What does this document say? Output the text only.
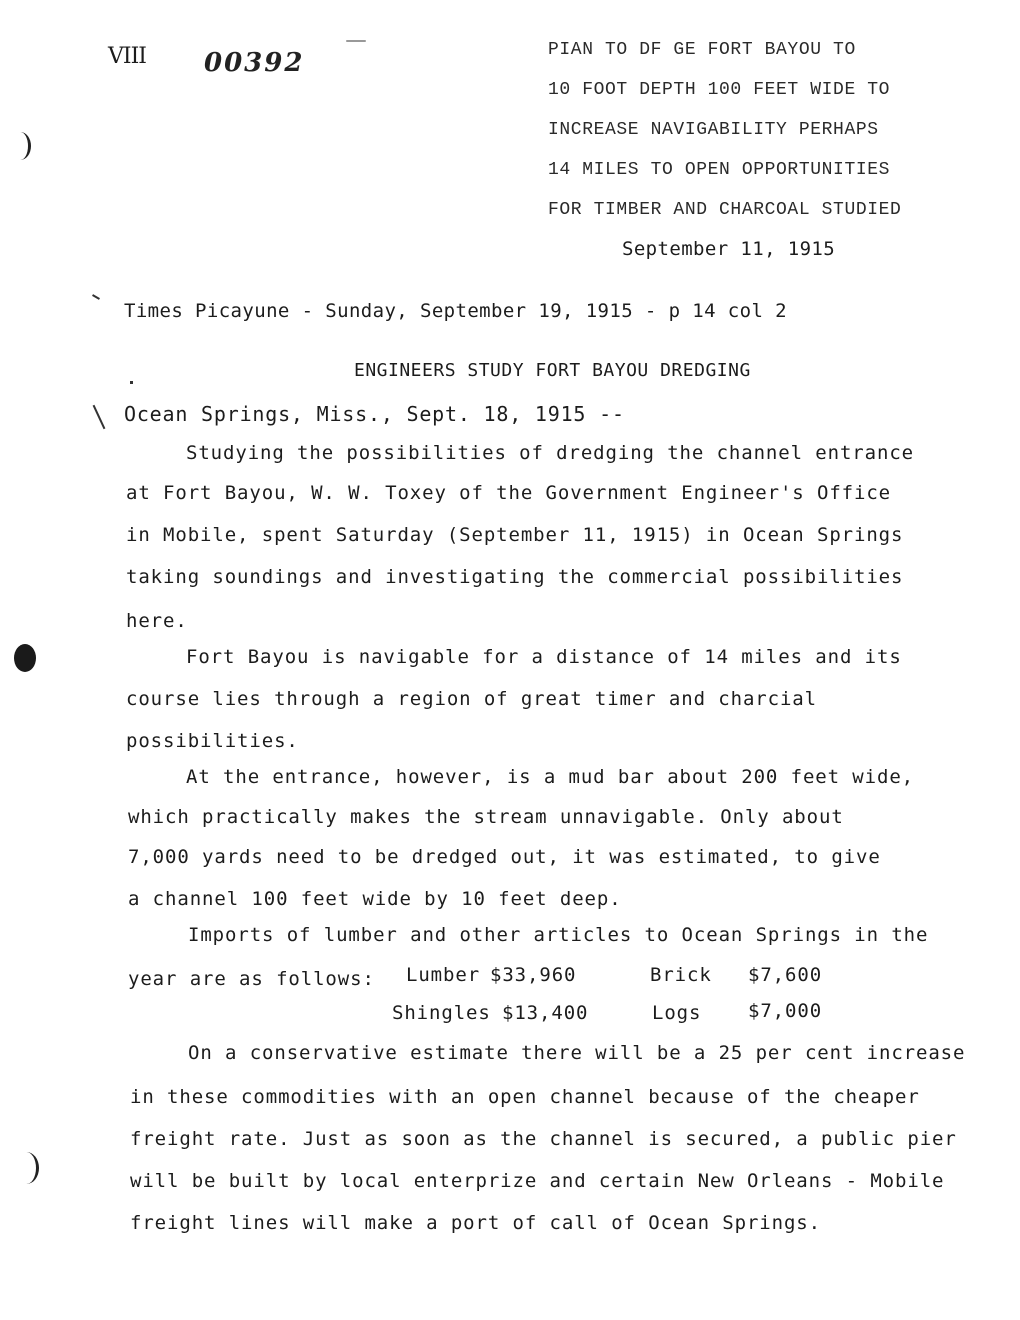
VIII 00392	PIAN TO DF GE FORT BAYOU TO
10 FOOT DEPTH 100 FEET WIDE TO
INCREASE NAVIGABILITY PERHAPS
14 MILES TO OPEN OPPORTUNITIES
FOR TIMBER AND CHARCOAL STUDIED
September 11, 1915
Times Picayune - Sunday, September 19, 1915 - p 14 col 2
ENGINEERS STUDY FORT BAYOU DREDGING
Ocean Springs, Miss., Sept. 18, 1915 --
Studying the possibilities of dredging the channel entrance
at Fort Bayou, W. W. Toxey of the Government Engineer's Office
in Mobile, spent Saturday (September 11, 1915) in Ocean Springs
taking soundings and investigating the commercial possibilities
here.
Fort Bayou is navigable for a distance of 14 miles and its
course lies through a region of great timer and charcial
possibilities.
At the entrance, however, is a mud bar about 200 feet wide,
which practically makes the stream unnavigable. Only about
7,000 yards need to be dredged out, it was estimated, to give
a channel 100 feet wide by 10 feet deep.
Imports of lumber and other articles to Ocean Springs in the
year are as follows: Lumber $33,960	Brick $7,600
Shingles $13,400	Logs $7,000
On a conservative estimate there will be a 25 per cent increase
in these commodities with an open channel because of the cheaper
freight rate. Just as soon as the channel is secured, a public pier
will be built by local enterprize and certain New Orleans - Mobile
freight lines will make a port of call of Ocean Springs.
